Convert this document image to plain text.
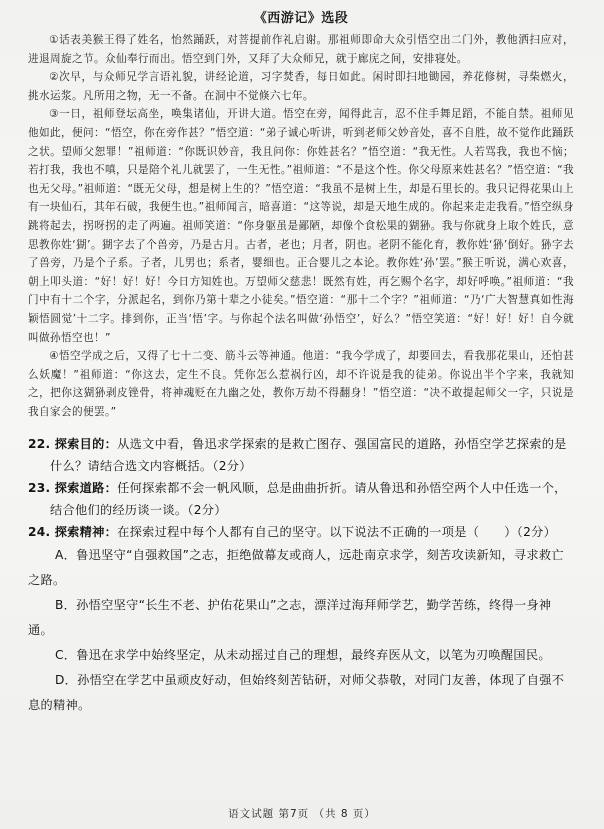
《西游记》选段

①话表美猴王得了姓名，怡然踊跃，对菩提前作礼启谢。那祖师即命大众引悟空出二门外，教他洒扫应对，进退周旋之节。众仙奉行而出。悟空到门外，又拜了大众师兄，就于廊庑之间，安排寝处。

②次早，与众师兄学言语礼貌，讲经论道，习字焚香，每日如此。闲时即扫地锄园，养花修树，寻柴燃火，挑水运浆。凡所用之物，无一不备。在洞中不觉倏六七年。

③一日，祖师登坛高坐，唤集诸仙，开讲大道。悟空在旁，闻得此言，忍不住手舞足蹈，不能自禁。祖师见他如此，便问：“悟空，你在旁作甚？”悟空道：“弟子诚心听讲，听到老师父妙音处，喜不自胜，故不觉作此踊跃之状。望师父恕罪！”祖师道：“你既识妙音，我且问你：你姓甚名？”悟空道：“我无性。人若骂我，我也不恼；若打我，我也不嗔，只是陪个礼儿就罢了，一生无性。”祖师道：“不是这个性。你父母原来姓甚名？”悟空道：“我也无父母。”祖师道：“既无父母，想是树上生的？”悟空道：“我虽不是树上生，却是石里长的。我只记得花果山上有一块仙石，其年石破，我便生也。”祖师闻言，暗喜道：“这等说，却是天地生成的。你起来走走我看。”悟空纵身跳将起去，拐呀拐的走了两遍。祖师笑道：“你身躯虽是鄙陋，却像个食松果的猢狲。我与你就身上取个姓氏，意思教你姓‘猢’。猢字去了个兽旁，乃是古月。古者，老也；月者，阴也。老阴不能化育，教你姓‘狲’倒好。狲字去了兽旁，乃是个子系。子者，儿男也；系者，婴细也。正合婴儿之本论。教你姓‘孙’罢。”猴王听说，满心欢喜，朝上叩头道：“好！好！好！今日方知姓也。万望师父慈悲！既然有姓，再乞赐个名字，却好呼唤。”祖师道：“我门中有十二个字，分派起名，到你乃第十辈之小徒矣。”悟空道：“那十二个字？”祖师道：“乃‘广大智慧真如性海颖悟圆觉’十二字。排到你，正当‘悟’字。与你起个法名叫做‘孙悟空’，好么？”悟空笑道：“好！好！好！自今就叫做孙悟空也！”

④悟空学成之后，又得了七十二变、筋斗云等神通。他道：“我今学成了，却要回去，看我那花果山，还怕甚么妖魔！”祖师道：“你这去，定生不良。凭你怎么惹祸行凶，却不许说是我的徒弟。你说出半个字来，我就知之，把你这猢狲剥皮锉骨，将神魂贬在九幽之处，教你万劫不得翻身！”悟空道：“决不敢提起师父一字，只说是我自家会的便罢。”

22. 探索目的：从选文中看，鲁迅求学探索的是救亡图存、强国富民的道路，孙悟空学艺探索的是什么？请结合选文内容概括。（2分）

23. 探索道路：任何探索都不会一帆风顺，总是曲曲折折。请从鲁迅和孙悟空两个人中任选一个，结合他们的经历谈一谈。（2分）

24. 探索精神：在探索过程中每个人都有自己的坚守。以下说法不正确的一项是（　　）（2分）

A．鲁迅坚守“自强救国”之志，拒绝做幕友或商人，远赴南京求学，刻苦攻读新知，寻求救亡之路。

B．孙悟空坚守“长生不老、护佑花果山”之志，漂洋过海拜师学艺，勤学苦练，终得一身神通。

C．鲁迅在求学中始终坚定，从未动摇过自己的理想，最终弃医从文，以笔为刃唤醒国民。

D．孙悟空在学艺中虽顽皮好动，但始终刻苦钻研，对师父恭敬，对同门友善，体现了自强不息的精神。

语文试题 第7页 （共 8 页）
